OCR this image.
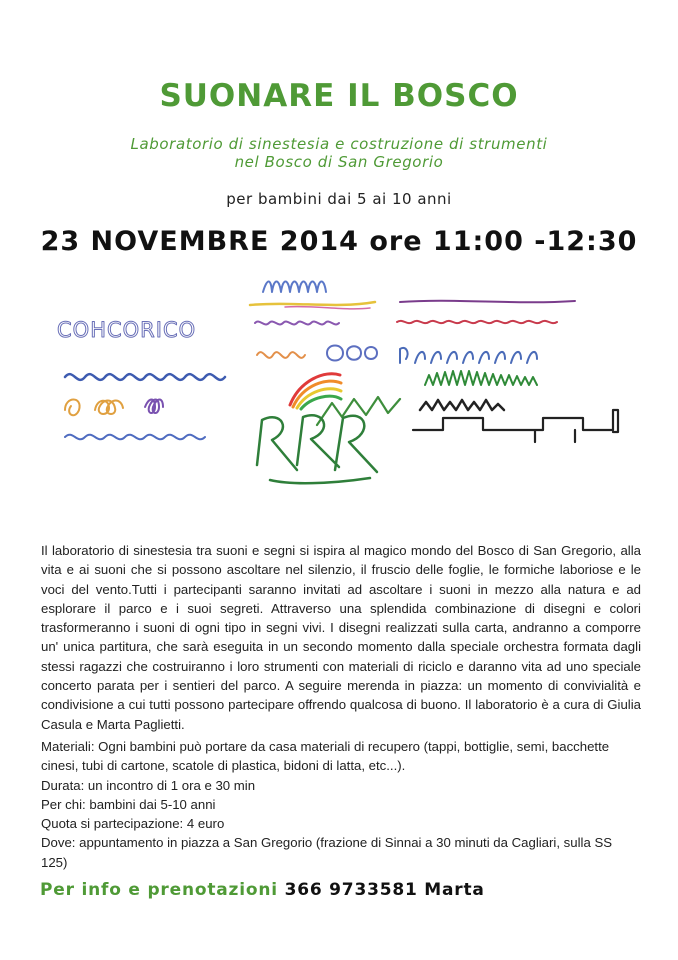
SUONARE IL BOSCO
Laboratorio di sinestesia e costruzione di strumenti
nel Bosco di San Gregorio
per bambini dai 5 ai 10 anni
23 NOVEMBRE 2014 ore 11:00 -12:30
COHCORICO
Il laboratorio di sinestesia tra suoni e segni si ispira al magico mondo del Bosco di San Gregorio, alla vita e ai suoni che si possono ascoltare nel silenzio, il fruscio delle foglie, le formiche laboriose e le voci del vento.Tutti i partecipanti saranno invitati ad ascoltare i suoni in mezzo alla natura e ad esplorare il parco e i suoi segreti. Attraverso una splendida combinazione di disegni e colori trasformeranno i suoni di ogni tipo in segni vivi. I disegni realizzati sulla carta, andranno a comporre un' unica partitura, che sarà eseguita in un secondo momento dalla speciale orchestra formata dagli stessi ragazzi che costruiranno i loro strumenti con materiali di riciclo e daranno vita ad uno speciale concerto parata per i sentieri del parco. A seguire merenda in piazza: un momento di convivialità e condivisione a cui tutti possono partecipare offrendo qualcosa di buono. Il laboratorio è a cura di Giulia Casula e Marta Paglietti.
Materiali: Ogni bambini può portare da casa materiali di recupero (tappi, bottiglie, semi, bacchette cinesi, tubi di cartone, scatole di plastica, bidoni di latta, etc...).
Durata: un incontro di 1 ora e 30 min
Per chi: bambini dai 5-10 anni
Quota si partecipazione: 4 euro
Dove: appuntamento in piazza a San Gregorio (frazione di Sinnai a 30 minuti da Cagliari, sulla SS 125)
Per info e prenotazioni 366 9733581 Marta
